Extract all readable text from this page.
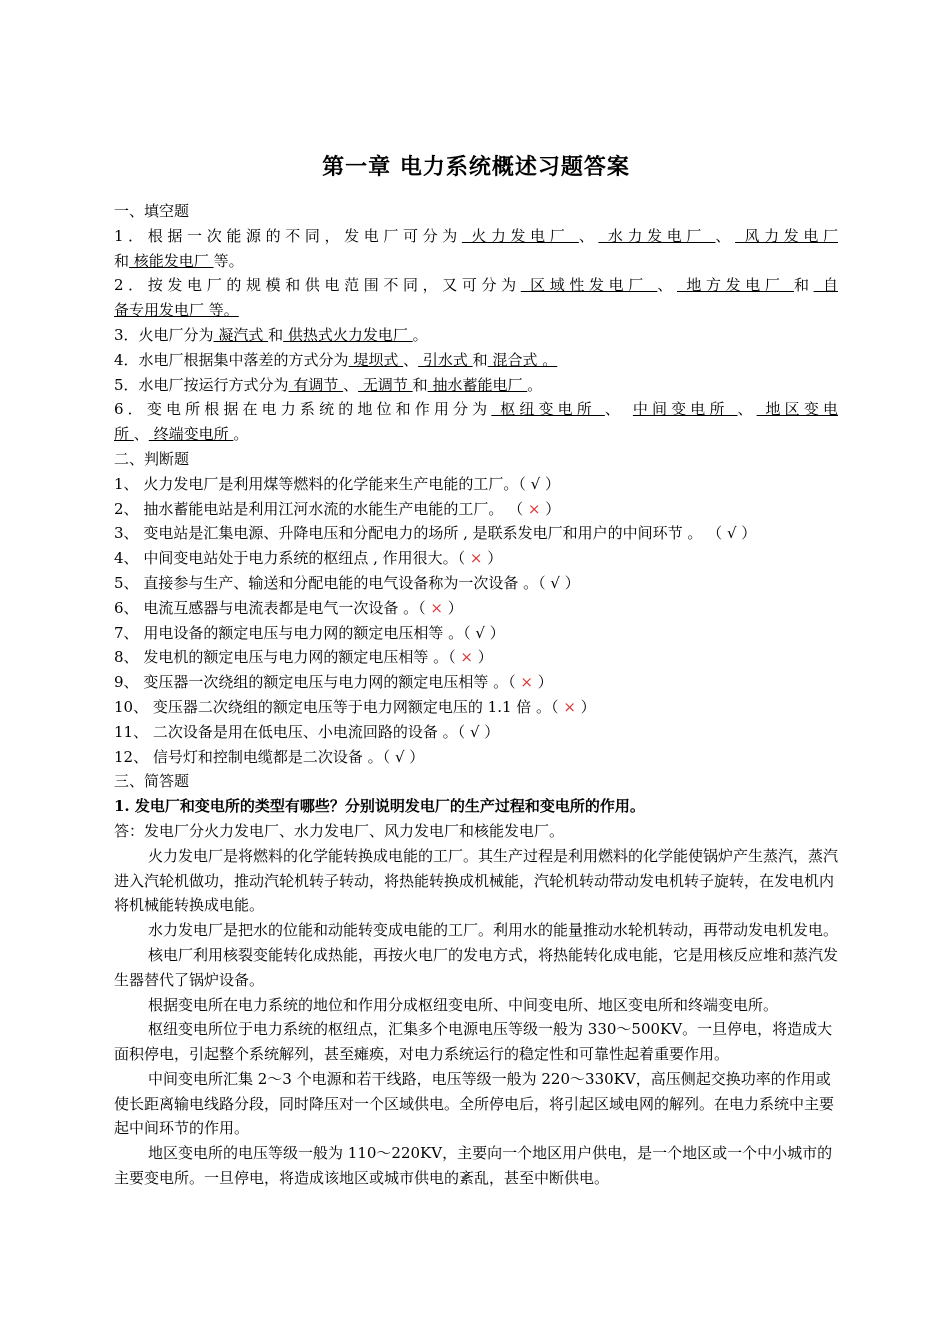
第一章 电力系统概述习题答案
一、填空题
1．根据一次能源的不同，发电厂可分为 火力发电厂 、 水力发电厂 、 风力发电厂
和 核能发电厂 等。
2．按发电厂的规模和供电范围不同，又可分为 区域性发电厂 、 地方发电厂 和 自
备专用发电厂 等。
3．火电厂分为 凝汽式 和 供热式火力发电厂 。
4．水电厂根据集中落差的方式分为 堤坝式 、 引水式 和 混合式 。
5．水电厂按运行方式分为 有调节 、 无调节 和 抽水蓄能电厂 。
6．变电所根据在电力系统的地位和作用分为 枢纽变电所 、 中间变电所 、 地区变电
所 、 终端变电所 。
二、判断题
1、 火力发电厂是利用煤等燃料的化学能来生产电能的工厂。（ √ ）
2、 抽水蓄能电站是利用江河水流的水能生产电能的工厂。 （ × ）
3、 变电站是汇集电源、升降电压和分配电力的场所 , 是联系发电厂和用户的中间环节 。 （ √ ）
4、 中间变电站处于电力系统的枢纽点 , 作用很大。（ × ）
5、 直接参与生产、输送和分配电能的电气设备称为一次设备 。（ √ ）
6、 电流互感器与电流表都是电气一次设备 。（ × ）
7、 用电设备的额定电压与电力网的额定电压相等 。（ √ ）
8、 发电机的额定电压与电力网的额定电压相等 。（ × ）
9、 变压器一次绕组的额定电压与电力网的额定电压相等 。（ × ）
10、 变压器二次绕组的额定电压等于电力网额定电压的 1.1 倍 。（ × ）
11、 二次设备是用在低电压、小电流回路的设备 。（ √ ）
12、 信号灯和控制电缆都是二次设备 。（ √ ）
三、简答题
1. 发电厂和变电所的类型有哪些？分别说明发电厂的生产过程和变电所的作用。
答：发电厂分火力发电厂、水力发电厂、风力发电厂和核能发电厂。
火力发电厂是将燃料的化学能转换成电能的工厂。其生产过程是利用燃料的化学能使锅炉产生蒸汽，蒸汽进入汽轮机做功，推动汽轮机转子转动，将热能转换成机械能，汽轮机转动带动发电机转子旋转，在发电机内将机械能转换成电能。
水力发电厂是把水的位能和动能转变成电能的工厂。利用水的能量推动水轮机转动，再带动发电机发电。
核电厂利用核裂变能转化成热能，再按火电厂的发电方式，将热能转化成电能，它是用核反应堆和蒸汽发生器替代了锅炉设备。
根据变电所在电力系统的地位和作用分成枢纽变电所、中间变电所、地区变电所和终端变电所。
枢纽变电所位于电力系统的枢纽点，汇集多个电源电压等级一般为 330～500KV。一旦停电，将造成大面积停电，引起整个系统解列，甚至瘫痪，对电力系统运行的稳定性和可靠性起着重要作用。
中间变电所汇集 2～3 个电源和若干线路，电压等级一般为 220～330KV，高压侧起交换功率的作用或使长距离输电线路分段，同时降压对一个区域供电。全所停电后，将引起区域电网的解列。在电力系统中主要起中间环节的作用。
地区变电所的电压等级一般为 110～220KV，主要向一个地区用户供电，是一个地区或一个中小城市的主要变电所。一旦停电，将造成该地区或城市供电的紊乱，甚至中断供电。
